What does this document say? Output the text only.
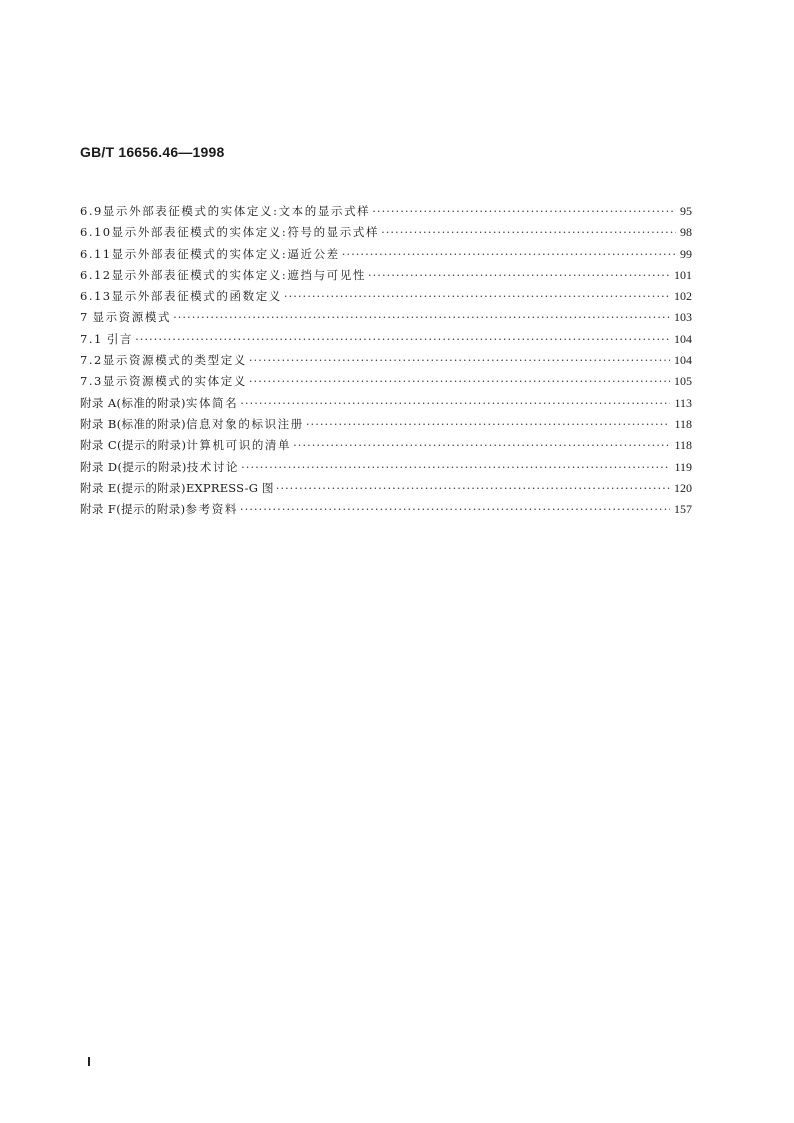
GB/T 16656.46—1998
6.9 显示外部表征模式的实体定义:文本的显示式样 ·····	95
6.10 显示外部表征模式的实体定义:符号的显示式样 ·····	98
6.11 显示外部表征模式的实体定义:逼近公差 ·····	99
6.12 显示外部表征模式的实体定义:遮挡与可见性 ·····	101
6.13 显示外部表征模式的函数定义 ·····	102
7 显示资源模式 ·····	103
7.1 引言 ·····	104
7.2 显示资源模式的类型定义 ·····	104
7.3 显示资源模式的实体定义 ·····	105
附录 A(标准的附录) 实体简名 ·····	113
附录 B(标准的附录) 信息对象的标识注册 ·····	118
附录 C(提示的附录) 计算机可识的清单 ·····	118
附录 D(提示的附录) 技术讨论 ·····	119
附录 E(提示的附录) EXPRESS-G 图 ·····	120
附录 F(提示的附录) 参考资料 ·····	157
